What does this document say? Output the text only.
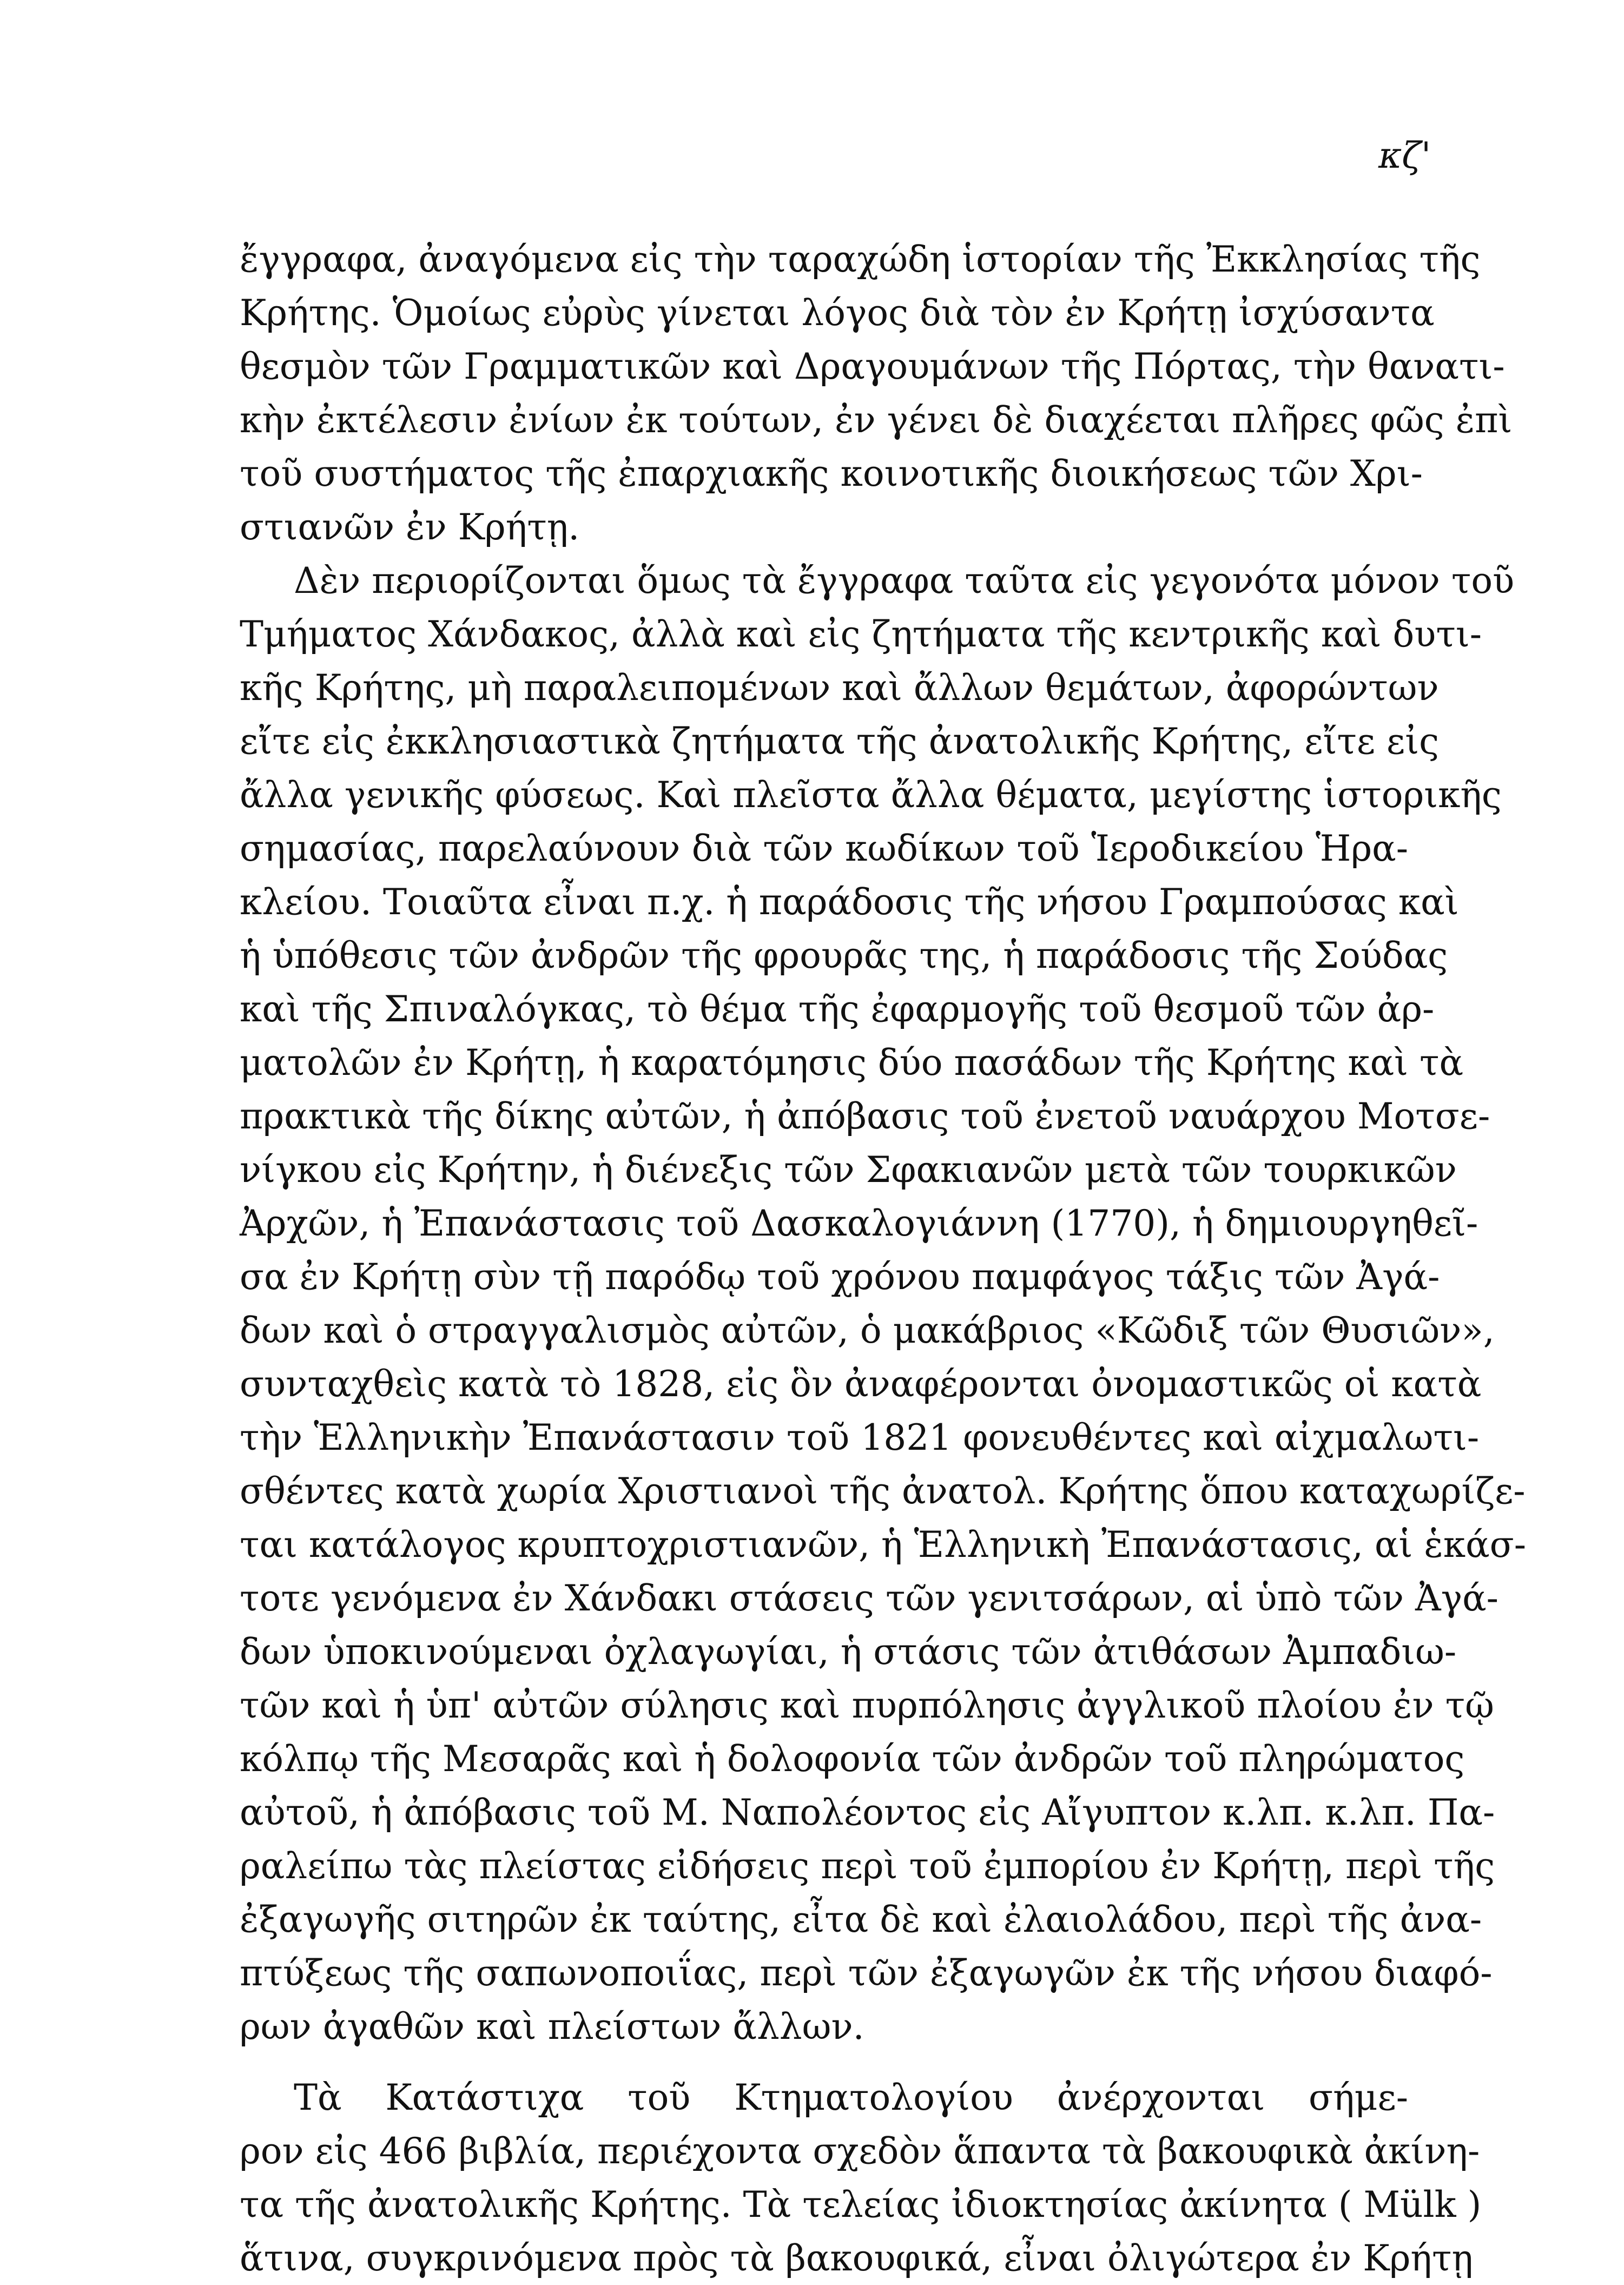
κζ'
ἔγγραφα, ἀναγόμενα εἰς τὴν ταραχώδη ἱστορίαν τῆς Ἐκκλησίας τῆς
Κρήτης. Ὁμοίως εὐρὺς γίνεται λόγος διὰ τὸν ἐν Κρήτῃ ἰσχύσαντα
θεσμὸν τῶν Γραμματικῶν καὶ Δραγουμάνων τῆς Πόρτας, τὴν θανατι-
κὴν ἐκτέλεσιν ἐνίων ἐκ τούτων, ἐν γένει δὲ διαχέεται πλῆρες φῶς ἐπὶ
τοῦ συστήματος τῆς ἐπαρχιακῆς κοινοτικῆς διοικήσεως τῶν Χρι-
στιανῶν ἐν Κρήτῃ.
Δὲν περιορίζονται ὅμως τὰ ἔγγραφα ταῦτα εἰς γεγονότα μόνον τοῦ
Τμήματος Χάνδακος, ἀλλὰ καὶ εἰς ζητήματα τῆς κεντρικῆς καὶ δυτι-
κῆς Κρήτης, μὴ παραλειπομένων καὶ ἄλλων θεμάτων, ἀφορώντων
εἴτε εἰς ἐκκλησιαστικὰ ζητήματα τῆς ἀνατολικῆς Κρήτης, εἴτε εἰς
ἄλλα γενικῆς φύσεως. Καὶ πλεῖστα ἄλλα θέματα, μεγίστης ἱστορικῆς
σημασίας, παρελαύνουν διὰ τῶν κωδίκων τοῦ Ἱεροδικείου Ἡρα-
κλείου. Τοιαῦτα εἶναι π.χ. ἡ παράδοσις τῆς νήσου Γραμπούσας καὶ
ἡ ὑπόθεσις τῶν ἀνδρῶν τῆς φρουρᾶς της, ἡ παράδοσις τῆς Σούδας
καὶ τῆς Σπιναλόγκας, τὸ θέμα τῆς ἐφαρμογῆς τοῦ θεσμοῦ τῶν ἀρ-
ματολῶν ἐν Κρήτῃ, ἡ καρατόμησις δύο πασάδων τῆς Κρήτης καὶ τὰ
πρακτικὰ τῆς δίκης αὐτῶν, ἡ ἀπόβασις τοῦ ἐνετοῦ ναυάρχου Μοτσε-
νίγκου εἰς Κρήτην, ἡ διένεξις τῶν Σφακιανῶν μετὰ τῶν τουρκικῶν
Ἀρχῶν, ἡ Ἐπανάστασις τοῦ Δασκαλογιάννη (1770), ἡ δημιουργηθεῖ-
σα ἐν Κρήτῃ σὺν τῇ παρόδῳ τοῦ χρόνου παμφάγος τάξις τῶν Ἀγά-
δων καὶ ὁ στραγγαλισμὸς αὐτῶν, ὁ μακάβριος «Κῶδιξ τῶν Θυσιῶν»,
συνταχθεὶς κατὰ τὸ 1828, εἰς ὃν ἀναφέρονται ὀνομαστικῶς οἱ κατὰ
τὴν Ἑλληνικὴν Ἐπανάστασιν τοῦ 1821 φονευθέντες καὶ αἰχμαλωτι-
σθέντες κατὰ χωρία Χριστιανοὶ τῆς ἀνατολ. Κρήτης ὅπου καταχωρίζε-
ται κατάλογος κρυπτοχριστιανῶν, ἡ Ἑλληνικὴ Ἐπανάστασις, αἱ ἑκάσ-
τοτε γενόμενα ἐν Χάνδακι στάσεις τῶν γενιτσάρων, αἱ ὑπὸ τῶν Ἀγά-
δων ὑποκινούμεναι ὀχλαγωγίαι, ἡ στάσις τῶν ἀτιθάσων Ἀμπαδιω-
τῶν καὶ ἡ ὑπ' αὐτῶν σύλησις καὶ πυρπόλησις ἀγγλικοῦ πλοίου ἐν τῷ
κόλπῳ τῆς Μεσαρᾶς καὶ ἡ δολοφονία τῶν ἀνδρῶν τοῦ πληρώματος
αὐτοῦ, ἡ ἀπόβασις τοῦ Μ. Ναπολέοντος εἰς Αἴγυπτον κ.λπ. κ.λπ. Πα-
ραλείπω τὰς πλείστας εἰδήσεις περὶ τοῦ ἐμπορίου ἐν Κρήτῃ, περὶ τῆς
ἐξαγωγῆς σιτηρῶν ἐκ ταύτης, εἶτα δὲ καὶ ἐλαιολάδου, περὶ τῆς ἀνα-
πτύξεως τῆς σαπωνοποιΐας, περὶ τῶν ἐξαγωγῶν ἐκ τῆς νήσου διαφό-
ρων ἀγαθῶν καὶ πλείστων ἄλλων.
Τὰ Κατάστιχα τοῦ Κτηματολογίου ἀνέρχονται σήμε-
ρον εἰς 466 βιβλία, περιέχοντα σχεδὸν ἅπαντα τὰ βακουφικὰ ἀκίνη-
τα τῆς ἀνατολικῆς Κρήτης. Τὰ τελείας ἰδιοκτησίας ἀκίνητα ( Mülk )
ἅτινα, συγκρινόμενα πρὸς τὰ βακουφικά, εἶναι ὀλιγώτερα ἐν Κρήτῃ
